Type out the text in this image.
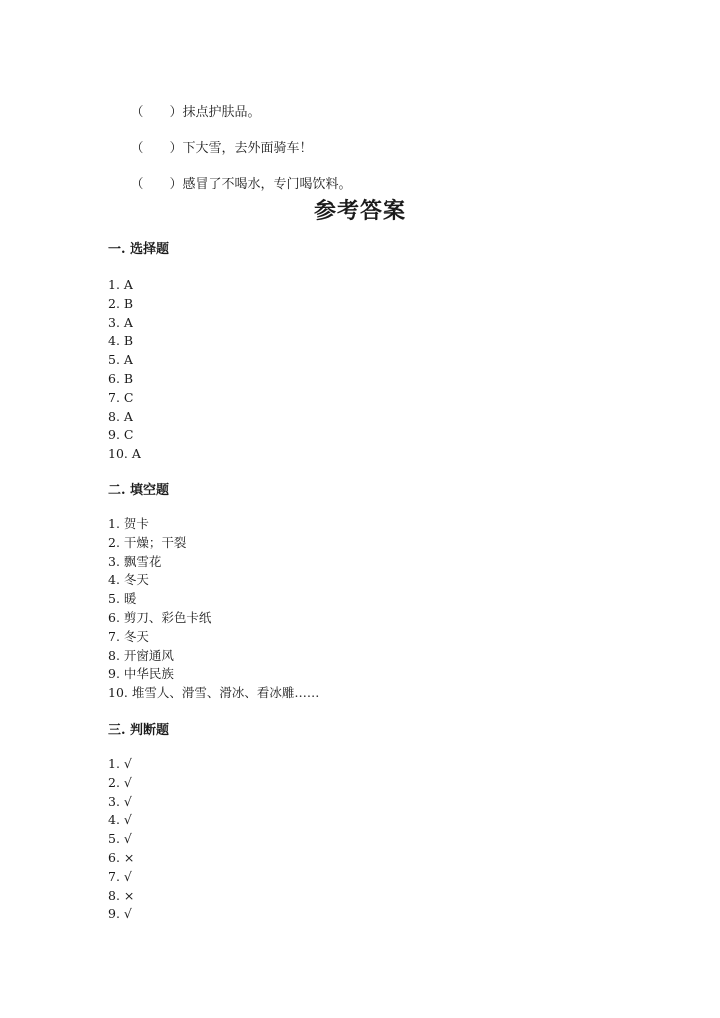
（　　）抹点护肤品。

（　　）下大雪，去外面骑车！

（　　）感冒了不喝水，专门喝饮料。

参考答案
一. 选择题
1. A
2. B
3. A
4. B
5. A
6. B
7. C
8. A
9. C
10. A
二. 填空题
1. 贺卡
2. 干燥；干裂
3. 飘雪花
4. 冬天
5. 暖
6. 剪刀、彩色卡纸
7. 冬天
8. 开窗通风
9. 中华民族
10. 堆雪人、滑雪、滑冰、看冰雕……
三. 判断题
1. √
2. √
3. √
4. √
5. √
6. ×
7. √
8. ×
9. √
